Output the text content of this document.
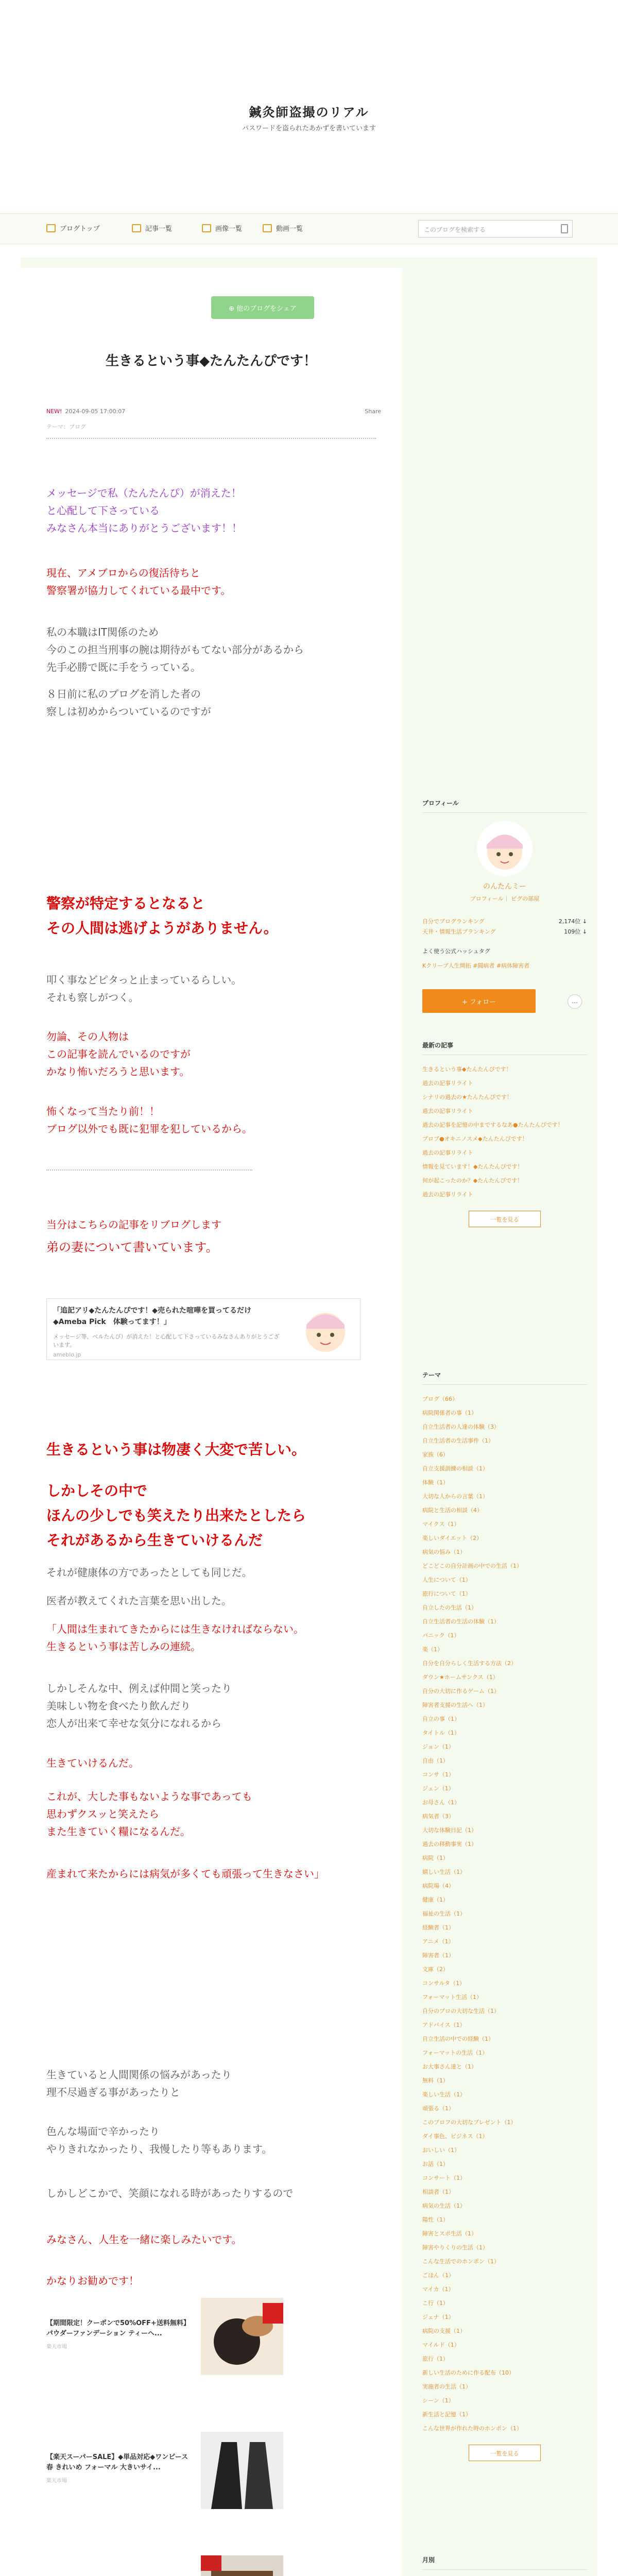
鍼灸師盗撮のリアル
パスワードを盗られたあかずを書いています
ブログトップ	記事一覧	画像一覧	動画一覧	このブログを検索する
⊕ 他のブログをシェア
生きるという事◆たんたんぴです！
NEW! 2024-09-05 17:00:07	Share
テーマ：ブログ
メッセージで私（たんたんぴ）が消えた！
と心配して下さっている
みなさん本当にありがとうございます！！
現在、アメブロからの復活待ちと
警察署が協力してくれている最中です。
私の本職はIT関係のため
今のこの担当刑事の腕は期待がもてない部分があるから
先手必勝で既に手をうっている。
８日前に私のブログを消した者の
察しは初めからついているのですが
警察が特定するとなると
その人間は逃げようがありません。
叩く事などピタっと止まっているらしい。
それも察しがつく。
勿論、その人物は
この記事を読んでいるのですが
かなり怖いだろうと思います。
怖くなって当たり前！！
ブログ以外でも既に犯罪を犯しているから。
当分はこちらの記事をリブログします
弟の妻について書いています。
「追記アリ◆たんたんぴです！◆売られた喧嘩を買ってるだけ◆Ameba Pick　体験ってます！」
メッセージ等、ベルたんぴ）が消えた！と心配して下さっているみなさんありがとうございます。
ameblo.jp
生きるという事は物凄く大変で苦しい。
しかしその中で
ほんの少しでも笑えたり出来たとしたら
それがあるから生きていけるんだ
それが健康体の方であったとしても同じだ。
医者が教えてくれた言葉を思い出した。
「人間は生まれてきたからには生きなければならない。
生きるという事は苦しみの連続。
しかしそんな中、例えば仲間と笑ったり
美味しい物を食べたり飲んだり
恋人が出来て幸せな気分になれるから
生きていけるんだ。
これが、大した事もないような事であっても
思わずクスッと笑えたら
また生きていく糧になるんだ。
産まれて来たからには病気が多くても頑張って生きなさい」
生きていると人間関係の悩みがあったり
理不尽過ぎる事があったりと
色んな場面で辛かったり
やりきれなかったり、我慢したり等もあります。
しかしどこかで、笑顔になれる時があったりするので
みなさん、人生を一緒に楽しみたいです。
かなりお勧めです！
【期間限定！クーポンで50%OFF+送料無料】パウダーファンデーション ティーヘ...
楽天市場
【楽天スーパーSALE】◆単品対応◆ワンピース 春 きれいめ フォーマル 大きいサイ...
楽天市場
プロフィール
のんたんミー
プロフィール｜ ピグの部屋
自分でブログランキング	2,174位 ↓
天井・情報生活ブランキング	109位 ↓
よく使う公式ハッシュタグ
Kクリーブ人生開拓 #闘病者 #病体障害者
+ フォロー	…
最新の記事
生きるという事◆たんたんぴです！
過去の記事リライト
シナリの過去の★たんたんぴです！
過去の記事リライト
過去の記事を記憶の中までするなあ●たんたんぴです！
ブロブ●オキニノスメ◆たんたんぴです！
過去の記事リライト
情報を見ています！◆たんたんぴです！
何が起こったのか？◆たんたんぴです！
過去の記事リライト
一覧を見る
テーマ
ブログ（66）
病院関係者の事（1）
自立生活者の人達の体験（3）
自立生活者の生活事件（1）
家族（6）
自立支援訓練の相談（1）
体験（1）
大切な人からの言葉（1）
病院と生活の相談（4）
マイクス（1）
楽しいダイエット（2）
病気の悩み（1）
どこどこの自分計画の中での生活（1）
人生について（1）
旅行について（1）
自立したの生活（1）
自立生活者の生活の体験（1）
パニック（1）
楽（1）
自分を自分らしく生活する方法（2）
ダウン★ホームサンクス（1）
自分の大切に作るゲーム（1）
障害者支援の生活へ（1）
自立の事（1）
タイトル（1）
ジョン（1）
自由（1）
コンサ（1）
ジェン（1）
お母さん（1）
病気者（3）
大切な体験日記（1）
過去の移動事実（1）
病院（1）
嬉しい生活（1）
病院場（4）
健康（1）
福祉の生活（1）
経験者（1）
アニメ（1）
障害者（1）
文庫（2）
コンサルタ（1）
フォーマット生活（1）
自分のブロの大切な生活（1）
アドバイス（1）
自立生活の中での経験（1）
フォーマットの生活（1）
お大事さん達と（1）
無料（1）
楽しい生活（1）
頑張る（1）
このプロフの大切なプレゼント（1）
ダイ事色、ビジネス（1）
おいしい（1）
お話（1）
コンサート（1）
相談者（1）
病気の生活（1）
陽性（1）
障害とスポ生活（1）
障害やりくりの生活（1）
こんな生活でのホンポン（1）
ごほん（1）
マイカ（1）
こ行（1）
ジェナ（1）
病院の支援（1）
マイルド（1）
旅行（1）
新しい生活のために作る配布（10）
実施者の生活（1）
シーン（1）
新生活と記憶（1）
こんな世界が作れた時のホンポン（1）
一覧を見る
月別
